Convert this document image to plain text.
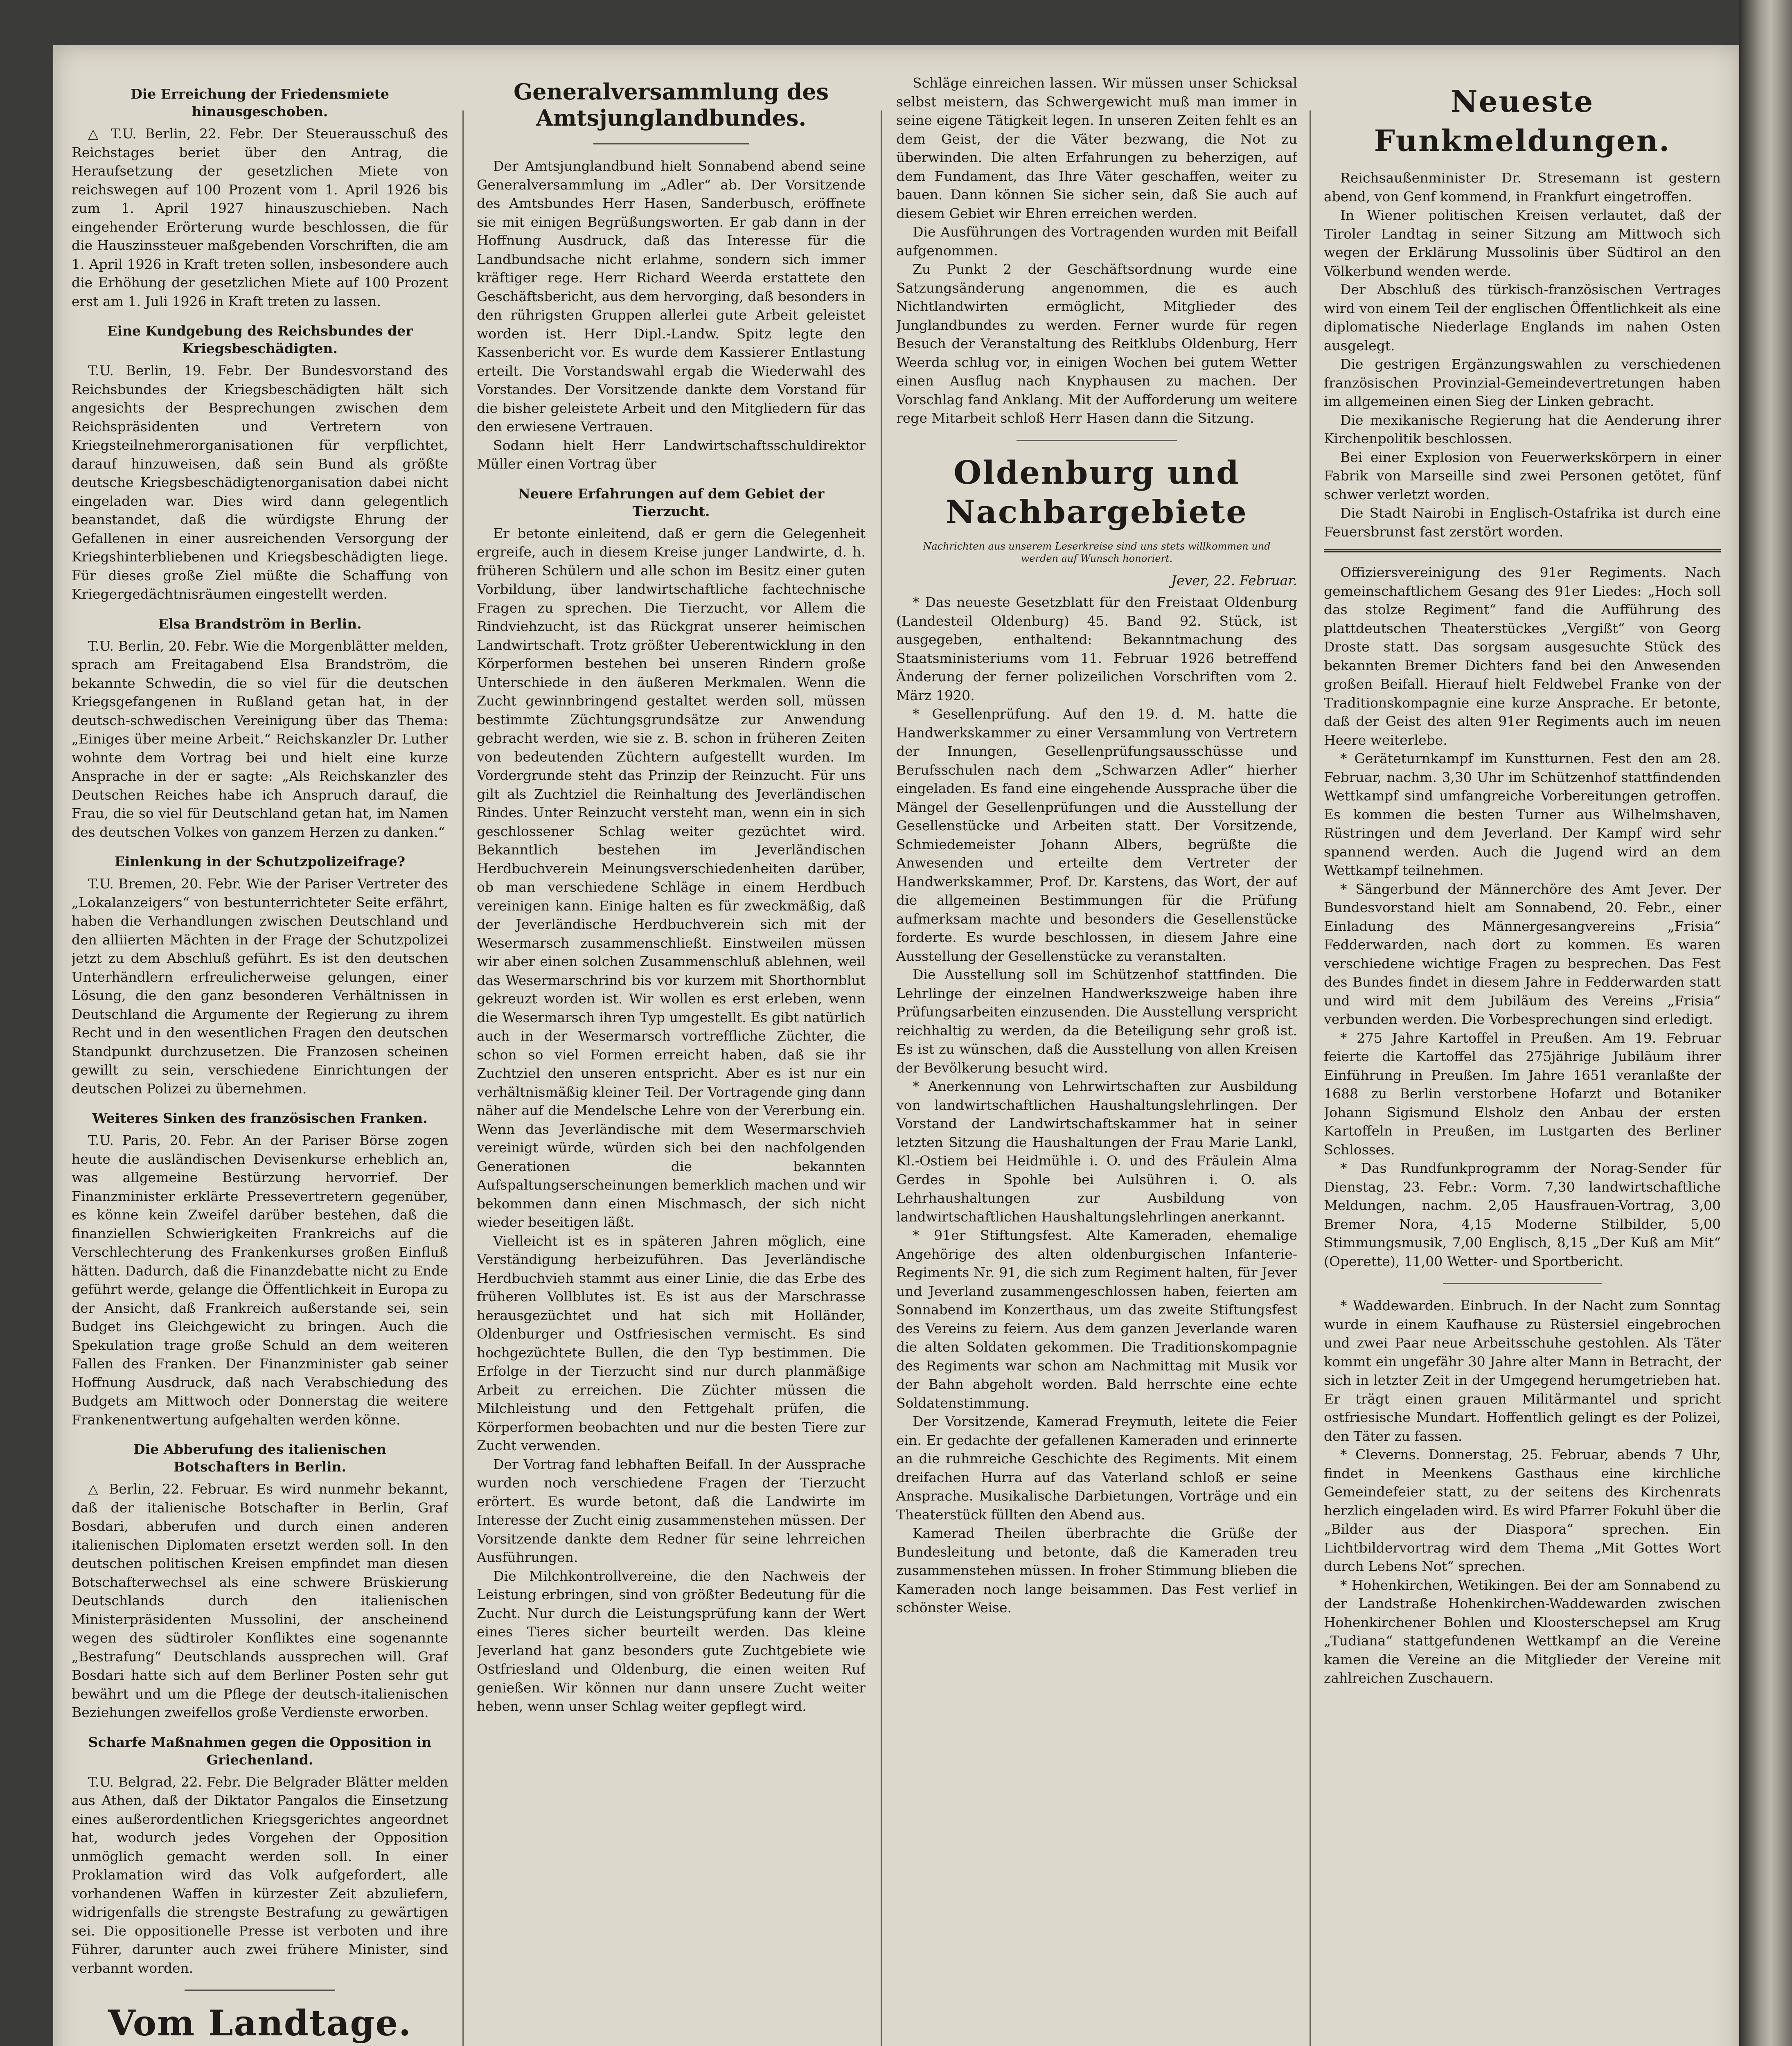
Die Erreichung der Friedensmiete hinausgeschoben.

△ T.U. Berlin, 22. Febr. Der Steuerausschuß des Reichstages beriet über den Antrag, die Heraufsetzung der gesetzlichen Miete von reichswegen auf 100 Prozent vom 1. April 1926 bis zum 1. April 1927 hinauszuschieben. Nach eingehender Erörterung wurde beschlossen, die für die Hauszinssteuer maßgebenden Vorschriften, die am 1. April 1926 in Kraft treten sollen, insbesondere auch die Erhöhung der gesetzlichen Miete auf 100 Prozent erst am 1. Juli 1926 in Kraft treten zu lassen.

Eine Kundgebung des Reichsbundes der Kriegsbeschädigten.

T.U. Berlin, 19. Febr. Der Bundesvorstand des Reichsbundes der Kriegsbeschädigten hält sich angesichts der Besprechungen zwischen dem Reichspräsidenten und Vertretern von Kriegsteilnehmerorganisationen für verpflichtet, darauf hinzuweisen, daß sein Bund als größte deutsche Kriegsbeschädigtenorganisation dabei nicht eingeladen war. Dies wird dann gelegentlich beanstandet, daß die würdigste Ehrung der Gefallenen in einer ausreichenden Versorgung der Kriegshinterbliebenen und Kriegsbeschädigten liege. Für dieses große Ziel müßte die Schaffung von Kriegergedächtnisräumen eingestellt werden.

Elsa Brandström in Berlin.

T.U. Berlin, 20. Febr. Wie die Morgenblätter melden, sprach am Freitagabend Elsa Brandström, die bekannte Schwedin, die so viel für die deutschen Kriegsgefangenen in Rußland getan hat, in der deutsch-schwedischen Vereinigung über das Thema: „Einiges über meine Arbeit.“ Reichskanzler Dr. Luther wohnte dem Vortrag bei und hielt eine kurze Ansprache in der er sagte: „Als Reichskanzler des Deutschen Reiches habe ich Anspruch darauf, die Frau, die so viel für Deutschland getan hat, im Namen des deutschen Volkes von ganzem Herzen zu danken.“

Einlenkung in der Schutzpolizeifrage?

T.U. Bremen, 20. Febr. Wie der Pariser Vertreter des „Lokalanzeigers“ von bestunterrichteter Seite erfährt, haben die Verhandlungen zwischen Deutschland und den alliierten Mächten in der Frage der Schutzpolizei jetzt zu dem Abschluß geführt. Es ist den deutschen Unterhändlern erfreulicherweise gelungen, einer Lösung, die den ganz besonderen Verhältnissen in Deutschland die Argumente der Regierung zu ihrem Recht und in den wesentlichen Fragen den deutschen Standpunkt durchzusetzen. Die Franzosen scheinen gewillt zu sein, verschiedene Einrichtungen der deutschen Polizei zu übernehmen.

Weiteres Sinken des französischen Franken.

T.U. Paris, 20. Febr. An der Pariser Börse zogen heute die ausländischen Devisenkurse erheblich an, was allgemeine Bestürzung hervorrief. Der Finanzminister erklärte Pressevertretern gegenüber, es könne kein Zweifel darüber bestehen, daß die finanziellen Schwierigkeiten Frankreichs auf die Verschlechterung des Frankenkurses großen Einfluß hätten. Dadurch, daß die Finanzdebatte nicht zu Ende geführt werde, gelange die Öffentlichkeit in Europa zu der Ansicht, daß Frankreich außerstande sei, sein Budget ins Gleichgewicht zu bringen. Auch die Spekulation trage große Schuld an dem weiteren Fallen des Franken. Der Finanzminister gab seiner Hoffnung Ausdruck, daß nach Verabschiedung des Budgets am Mittwoch oder Donnerstag die weitere Frankenentwertung aufgehalten werden könne.

Die Abberufung des italienischen Botschafters in Berlin.

△ Berlin, 22. Februar. Es wird nunmehr bekannt, daß der italienische Botschafter in Berlin, Graf Bosdari, abberufen und durch einen anderen italienischen Diplomaten ersetzt werden soll. In den deutschen politischen Kreisen empfindet man diesen Botschafterwechsel als eine schwere Brüskierung Deutschlands durch den italienischen Ministerpräsidenten Mussolini, der anscheinend wegen des südtiroler Konfliktes eine sogenannte „Bestrafung“ Deutschlands aussprechen will. Graf Bosdari hatte sich auf dem Berliner Posten sehr gut bewährt und um die Pflege der deutsch-italienischen Beziehungen zweifellos große Verdienste erworben.

Scharfe Maßnahmen gegen die Opposition in Griechenland.

T.U. Belgrad, 22. Febr. Die Belgrader Blätter melden aus Athen, daß der Diktator Pangalos die Einsetzung eines außerordentlichen Kriegsgerichtes angeordnet hat, wodurch jedes Vorgehen der Opposition unmöglich gemacht werden soll. In einer Proklamation wird das Volk aufgefordert, alle vorhandenen Waffen in kürzester Zeit abzuliefern, widrigenfalls die strengste Bestrafung zu gewärtigen sei. Die oppositionelle Presse ist verboten und ihre Führer, darunter auch zwei frühere Minister, sind verbannt worden.

Vom Landtage.

Generalversammlung des Amtsjunglandbundes.

Der Amtsjunglandbund hielt Sonnabend abend seine Generalversammlung im „Adler“ ab. Der Vorsitzende des Amtsbundes Herr Hasen, Sanderbusch, eröffnete sie mit einigen Begrüßungsworten. Er gab dann in der Hoffnung Ausdruck, daß das Interesse für die Landbundsache nicht erlahme, sondern sich immer kräftiger rege. Herr Richard Weerda erstattete den Geschäftsbericht, aus dem hervorging, daß besonders in den rührigsten Gruppen allerlei gute Arbeit geleistet worden ist. Herr Dipl.-Landw. Spitz legte den Kassenbericht vor. Es wurde dem Kassierer Entlastung erteilt. Die Vorstandswahl ergab die Wiederwahl des Vorstandes. Der Vorsitzende dankte dem Vorstand für die bisher geleistete Arbeit und den Mitgliedern für das den erwiesene Vertrauen.

Sodann hielt Herr Landwirtschaftsschuldirektor Müller einen Vortrag über

Neuere Erfahrungen auf dem Gebiet der Tierzucht.

Er betonte einleitend, daß er gern die Gelegenheit ergreife, auch in diesem Kreise junger Landwirte, d. h. früheren Schülern und alle schon im Besitz einer guten Vorbildung, über landwirtschaftliche fachtechnische Fragen zu sprechen. Die Tierzucht, vor Allem die Rindviehzucht, ist das Rückgrat unserer heimischen Landwirtschaft. Trotz größter Ueberentwicklung in den Körperformen bestehen bei unseren Rindern große Unterschiede in den äußeren Merkmalen. Wenn die Zucht gewinnbringend gestaltet werden soll, müssen bestimmte Züchtungsgrundsätze zur Anwendung gebracht werden, wie sie z. B. schon in früheren Zeiten von bedeutenden Züchtern aufgestellt wurden. Im Vordergrunde steht das Prinzip der Reinzucht. Für uns gilt als Zuchtziel die Reinhaltung des Jeverländischen Rindes. Unter Reinzucht versteht man, wenn ein in sich geschlossener Schlag weiter gezüchtet wird. Bekanntlich bestehen im Jeverländischen Herdbuchverein Meinungsverschiedenheiten darüber, ob man verschiedene Schläge in einem Herdbuch vereinigen kann. Einige halten es für zweckmäßig, daß der Jeverländische Herdbuchverein sich mit der Wesermarsch zusammenschließt. Einstweilen müssen wir aber einen solchen Zusammenschluß ablehnen, weil das Wesermarschrind bis vor kurzem mit Shorthornblut gekreuzt worden ist. Wir wollen es erst erleben, wenn die Wesermarsch ihren Typ umgestellt. Es gibt natürlich auch in der Wesermarsch vortreffliche Züchter, die schon so viel Formen erreicht haben, daß sie ihr Zuchtziel den unseren entspricht. Aber es ist nur ein verhältnismäßig kleiner Teil. Der Vortragende ging dann näher auf die Mendelsche Lehre von der Vererbung ein. Wenn das Jeverländische mit dem Wesermarschvieh vereinigt würde, würden sich bei den nachfolgenden Generationen die bekannten Aufspaltungserscheinungen bemerklich machen und wir bekommen dann einen Mischmasch, der sich nicht wieder beseitigen läßt.

Vielleicht ist es in späteren Jahren möglich, eine Verständigung herbeizuführen. Das Jeverländische Herdbuchvieh stammt aus einer Linie, die das Erbe des früheren Vollblutes ist. Es ist aus der Marschrasse herausgezüchtet und hat sich mit Holländer, Oldenburger und Ostfriesischen vermischt. Es sind hochgezüchtete Bullen, die den Typ bestimmen. Die Erfolge in der Tierzucht sind nur durch planmäßige Arbeit zu erreichen. Die Züchter müssen die Milchleistung und den Fettgehalt prüfen, die Körperformen beobachten und nur die besten Tiere zur Zucht verwenden.

Der Vortrag fand lebhaften Beifall. In der Aussprache wurden noch verschiedene Fragen der Tierzucht erörtert. Es wurde betont, daß die Landwirte im Interesse der Zucht einig zusammenstehen müssen. Der Vorsitzende dankte dem Redner für seine lehrreichen Ausführungen.

Die Milchkontrollvereine, die den Nachweis der Leistung erbringen, sind von größter Bedeutung für die Zucht. Nur durch die Leistungsprüfung kann der Wert eines Tieres sicher beurteilt werden. Das kleine Jeverland hat ganz besonders gute Zuchtgebiete wie Ostfriesland und Oldenburg, die einen weiten Ruf genießen. Wir können nur dann unsere Zucht weiter heben, wenn unser Schlag weiter gepflegt wird.

Schläge einreichen lassen. Wir müssen unser Schicksal selbst meistern, das Schwergewicht muß man immer in seine eigene Tätigkeit legen. In unseren Zeiten fehlt es an dem Geist, der die Väter bezwang, die Not zu überwinden. Die alten Erfahrungen zu beherzigen, auf dem Fundament, das Ihre Väter geschaffen, weiter zu bauen. Dann können Sie sicher sein, daß Sie auch auf diesem Gebiet wir Ehren erreichen werden.

Die Ausführungen des Vortragenden wurden mit Beifall aufgenommen.

Zu Punkt 2 der Geschäftsordnung wurde eine Satzungsänderung angenommen, die es auch Nichtlandwirten ermöglicht, Mitglieder des Junglandbundes zu werden. Ferner wurde für regen Besuch der Veranstaltung des Reitklubs Oldenburg, Herr Weerda schlug vor, in einigen Wochen bei gutem Wetter einen Ausflug nach Knyphausen zu machen. Der Vorschlag fand Anklang. Mit der Aufforderung um weitere rege Mitarbeit schloß Herr Hasen dann die Sitzung.

Oldenburg und Nachbargebiete
Nachrichten aus unserem Leserkreise sind uns stets willkommen und werden auf Wunsch honoriert.
Jever, 22. Februar.

* Das neueste Gesetzblatt für den Freistaat Oldenburg (Landesteil Oldenburg) 45. Band 92. Stück, ist ausgegeben, enthaltend: Bekanntmachung des Staatsministeriums vom 11. Februar 1926 betreffend Änderung der ferner polizeilichen Vorschriften vom 2. März 1920.

* Gesellenprüfung. Auf den 19. d. M. hatte die Handwerkskammer zu einer Versammlung von Vertretern der Innungen, Gesellenprüfungsausschüsse und Berufsschulen nach dem „Schwarzen Adler“ hierher eingeladen. Es fand eine eingehende Aussprache über die Mängel der Gesellenprüfungen und die Ausstellung der Gesellenstücke und Arbeiten statt. Der Vorsitzende, Schmiedemeister Johann Albers, begrüßte die Anwesenden und erteilte dem Vertreter der Handwerkskammer, Prof. Dr. Karstens, das Wort, der auf die allgemeinen Bestimmungen für die Prüfung aufmerksam machte und besonders die Gesellenstücke forderte. Es wurde beschlossen, in diesem Jahre eine Ausstellung der Gesellenstücke zu veranstalten.

Die Ausstellung soll im Schützenhof stattfinden. Die Lehrlinge der einzelnen Handwerkszweige haben ihre Prüfungsarbeiten einzusenden. Die Ausstellung verspricht reichhaltig zu werden, da die Beteiligung sehr groß ist. Es ist zu wünschen, daß die Ausstellung von allen Kreisen der Bevölkerung besucht wird.

* Anerkennung von Lehrwirtschaften zur Ausbildung von landwirtschaftlichen Haushaltungslehrlingen. Der Vorstand der Landwirtschaftskammer hat in seiner letzten Sitzung die Haushaltungen der Frau Marie Lankl, Kl.-Ostiem bei Heidmühle i. O. und des Fräulein Alma Gerdes in Spohle bei Aulsühren i. O. als Lehrhaushaltungen zur Ausbildung von landwirtschaftlichen Haushaltungslehrlingen anerkannt.

* 91er Stiftungsfest. Alte Kameraden, ehemalige Angehörige des alten oldenburgischen Infanterie-Regiments Nr. 91, die sich zum Regiment halten, für Jever und Jeverland zusammengeschlossen haben, feierten am Sonnabend im Konzerthaus, um das zweite Stiftungsfest des Vereins zu feiern. Aus dem ganzen Jeverlande waren die alten Soldaten gekommen. Die Traditionskompagnie des Regiments war schon am Nachmittag mit Musik vor der Bahn abgeholt worden. Bald herrschte eine echte Soldatenstimmung.

Der Vorsitzende, Kamerad Freymuth, leitete die Feier ein. Er gedachte der gefallenen Kameraden und erinnerte an die ruhmreiche Geschichte des Regiments. Mit einem dreifachen Hurra auf das Vaterland schloß er seine Ansprache. Musikalische Darbietungen, Vorträge und ein Theaterstück füllten den Abend aus.

Kamerad Theilen überbrachte die Grüße der Bundesleitung und betonte, daß die Kameraden treu zusammenstehen müssen. In froher Stimmung blieben die Kameraden noch lange beisammen. Das Fest verlief in schönster Weise.

Neueste Funkmeldungen.

Reichsaußenminister Dr. Stresemann ist gestern abend, von Genf kommend, in Frankfurt eingetroffen.

In Wiener politischen Kreisen verlautet, daß der Tiroler Landtag in seiner Sitzung am Mittwoch sich wegen der Erklärung Mussolinis über Südtirol an den Völkerbund wenden werde.

Der Abschluß des türkisch-französischen Vertrages wird von einem Teil der englischen Öffentlichkeit als eine diplomatische Niederlage Englands im nahen Osten ausgelegt.

Die gestrigen Ergänzungswahlen zu verschiedenen französischen Provinzial-Gemeindevertretungen haben im allgemeinen einen Sieg der Linken gebracht.

Die mexikanische Regierung hat die Aenderung ihrer Kirchenpolitik beschlossen.

Bei einer Explosion von Feuerwerkskörpern in einer Fabrik von Marseille sind zwei Personen getötet, fünf schwer verletzt worden.

Die Stadt Nairobi in Englisch-Ostafrika ist durch eine Feuersbrunst fast zerstört worden.

Offiziersvereinigung des 91er Regiments. Nach gemeinschaftlichem Gesang des 91er Liedes: „Hoch soll das stolze Regiment“ fand die Aufführung des plattdeutschen Theaterstückes „Vergißt“ von Georg Droste statt. Das sorgsam ausgesuchte Stück des bekannten Bremer Dichters fand bei den Anwesenden großen Beifall. Hierauf hielt Feldwebel Franke von der Traditionskompagnie eine kurze Ansprache. Er betonte, daß der Geist des alten 91er Regiments auch im neuen Heere weiterlebe.

* Geräteturnkampf im Kunstturnen. Fest den am 28. Februar, nachm. 3,30 Uhr im Schützenhof stattfindenden Wettkampf sind umfangreiche Vorbereitungen getroffen. Es kommen die besten Turner aus Wilhelmshaven, Rüstringen und dem Jeverland. Der Kampf wird sehr spannend werden. Auch die Jugend wird an dem Wettkampf teilnehmen.

* Sängerbund der Männerchöre des Amt Jever. Der Bundesvorstand hielt am Sonnabend, 20. Febr., einer Einladung des Männergesangvereins „Frisia“ Fedderwarden, nach dort zu kommen. Es waren verschiedene wichtige Fragen zu besprechen. Das Fest des Bundes findet in diesem Jahre in Fedderwarden statt und wird mit dem Jubiläum des Vereins „Frisia“ verbunden werden. Die Vorbesprechungen sind erledigt.

* 275 Jahre Kartoffel in Preußen. Am 19. Februar feierte die Kartoffel das 275jährige Jubiläum ihrer Einführung in Preußen. Im Jahre 1651 veranlaßte der 1688 zu Berlin verstorbene Hofarzt und Botaniker Johann Sigismund Elsholz den Anbau der ersten Kartoffeln in Preußen, im Lustgarten des Berliner Schlosses.

* Das Rundfunkprogramm der Norag-Sender für Dienstag, 23. Febr.: Vorm. 7,30 landwirtschaftliche Meldungen, nachm. 2,05 Hausfrauen-Vortrag, 3,00 Bremer Nora, 4,15 Moderne Stilbilder, 5,00 Stimmungsmusik, 7,00 Englisch, 8,15 „Der Kuß am Mit“ (Operette), 11,00 Wetter- und Sportbericht.

* Waddewarden. Einbruch. In der Nacht zum Sonntag wurde in einem Kaufhause zu Rüstersiel eingebrochen und zwei Paar neue Arbeitsschuhe gestohlen. Als Täter kommt ein ungefähr 30 Jahre alter Mann in Betracht, der sich in letzter Zeit in der Umgegend herumgetrieben hat. Er trägt einen grauen Militärmantel und spricht ostfriesische Mundart. Hoffentlich gelingt es der Polizei, den Täter zu fassen.

* Cleverns. Donnerstag, 25. Februar, abends 7 Uhr, findet in Meenkens Gasthaus eine kirchliche Gemeindefeier statt, zu der seitens des Kirchenrats herzlich eingeladen wird. Es wird Pfarrer Fokuhl über die „Bilder aus der Diaspora“ sprechen. Ein Lichtbildervortrag wird dem Thema „Mit Gottes Wort durch Lebens Not“ sprechen.

* Hohenkirchen, Wetikingen. Bei der am Sonnabend zu der Landstraße Hohenkirchen-Waddewarden zwischen Hohenkirchener Bohlen und Kloosterschepsel am Krug „Tudiana“ stattgefundenen Wettkampf an die Vereine kamen die Vereine an die Mitglieder der Vereine mit zahlreichen Zuschauern.
